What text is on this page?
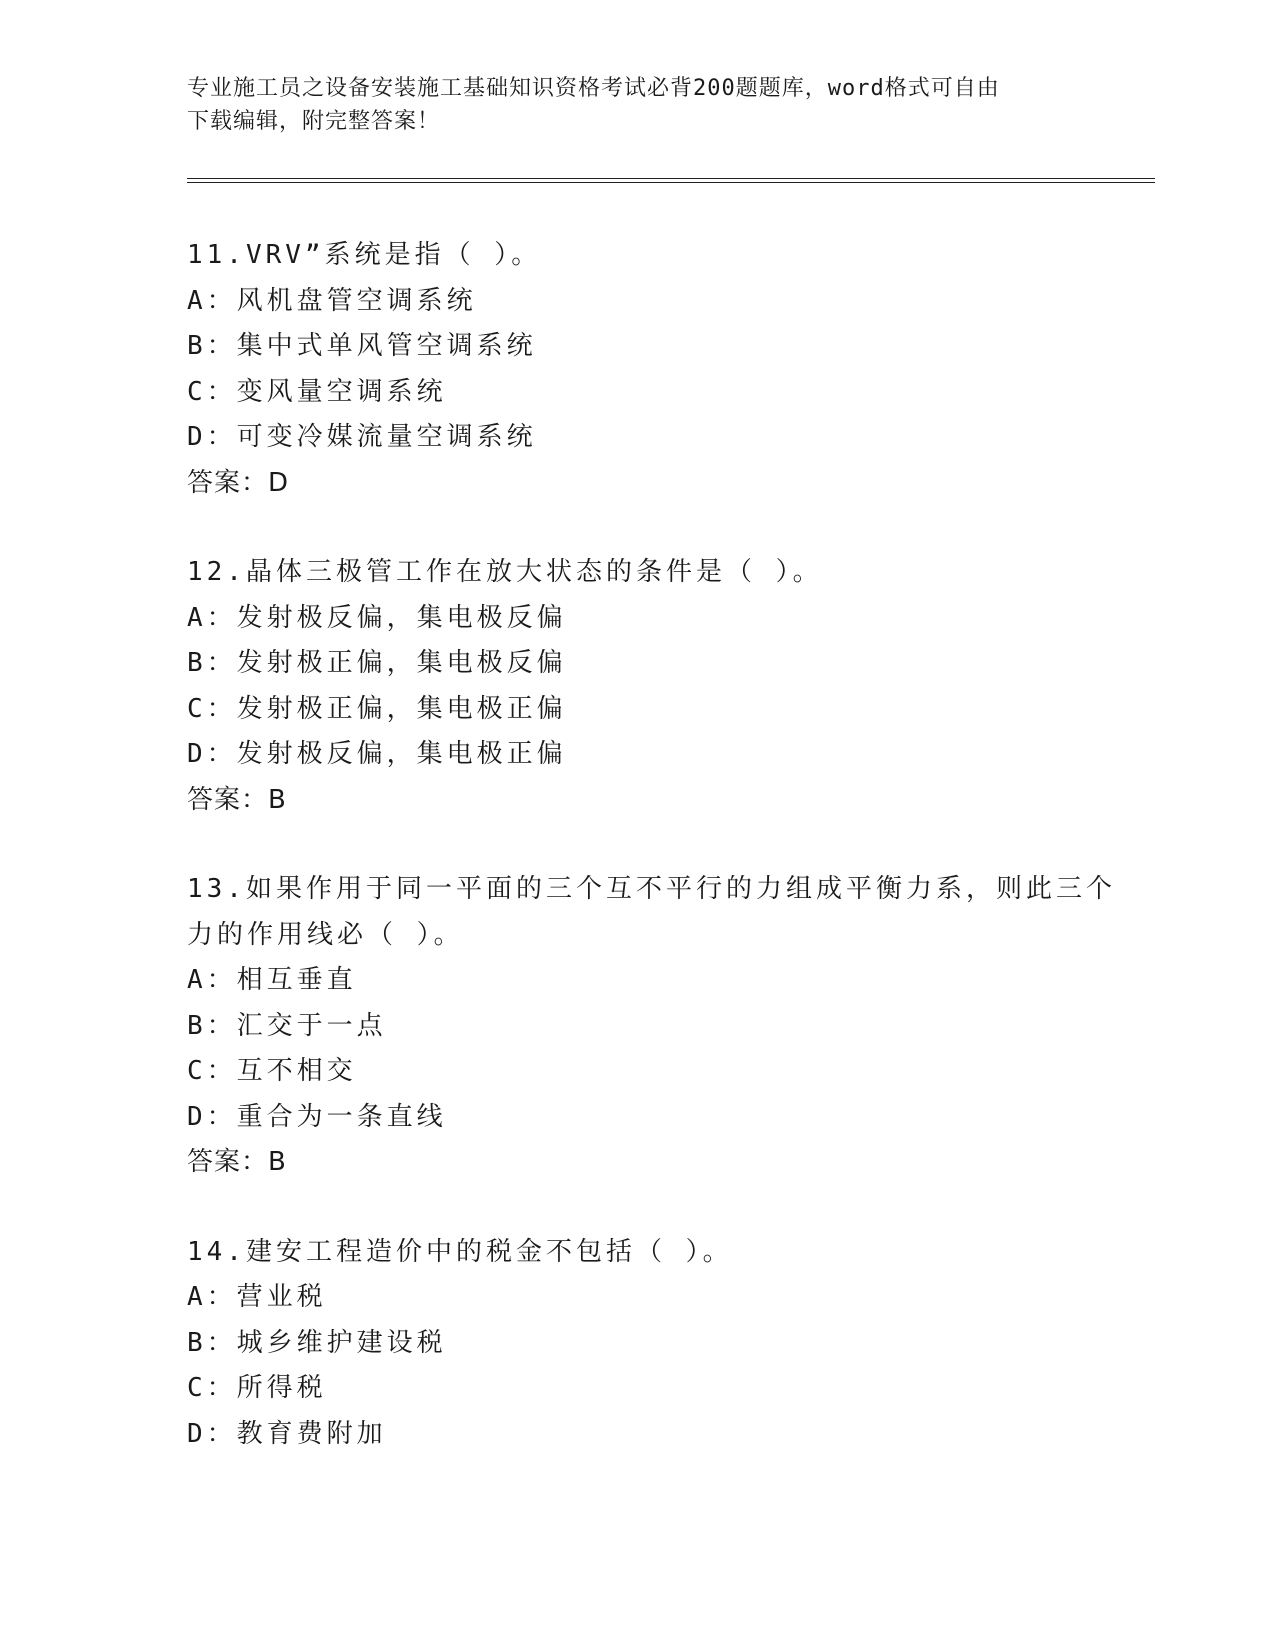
专业施工员之设备安装施工基础知识资格考试必背200题题库，word格式可自由
下载编辑，附完整答案！
11.VRV”系统是指（ ）。
A：风机盘管空调系统
B：集中式单风管空调系统
C：变风量空调系统
D：可变冷媒流量空调系统
答案：D
12.晶体三极管工作在放大状态的条件是（ ）。
A：发射极反偏，集电极反偏
B：发射极正偏，集电极反偏
C：发射极正偏，集电极正偏
D：发射极反偏，集电极正偏
答案：B
13.如果作用于同一平面的三个互不平行的力组成平衡力系，则此三个
力的作用线必（ ）。
A：相互垂直
B：汇交于一点
C：互不相交
D：重合为一条直线
答案：B
14.建安工程造价中的税金不包括（ ）。
A：营业税
B：城乡维护建设税
C：所得税
D：教育费附加
